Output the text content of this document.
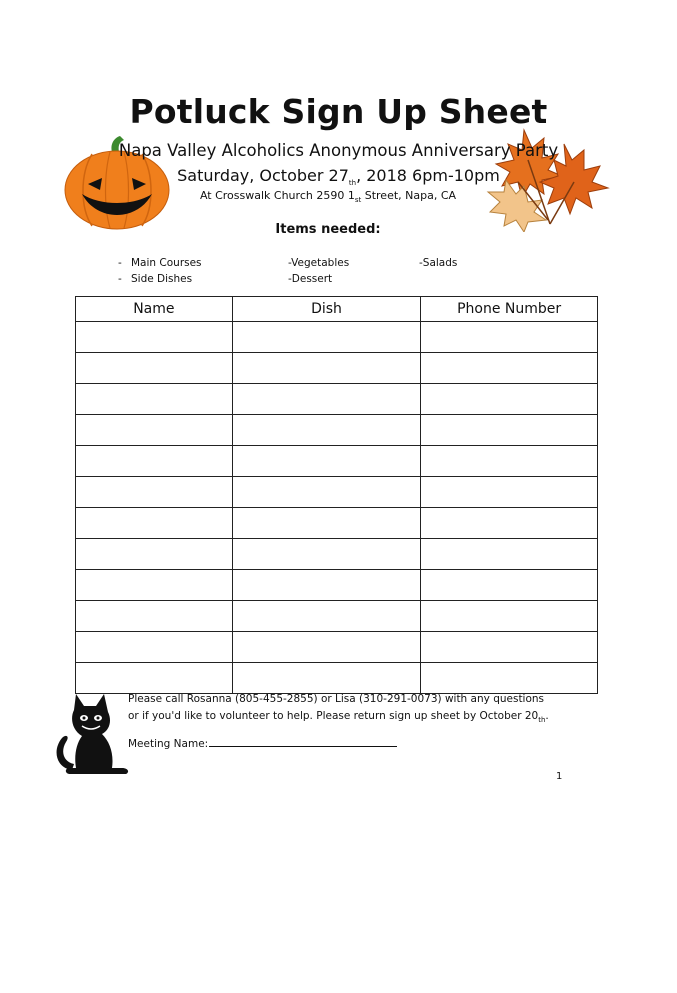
Potluck Sign Up Sheet
Napa Valley Alcoholics Anonymous Anniversary Party
Saturday, October 27th, 2018 6pm-10pm
At Crosswalk Church 2590 1st Street, Napa, CA
Items needed:
- Main Courses
- Side Dishes
-Vegetables
-Dessert
-Salads
Name	Dish	Phone Number

Please call Rosanna (805-455-2855) or Lisa (310-291-0073) with any questions
or if you'd like to volunteer to help. Please return sign up sheet by October 20th.
Meeting Name:
1
